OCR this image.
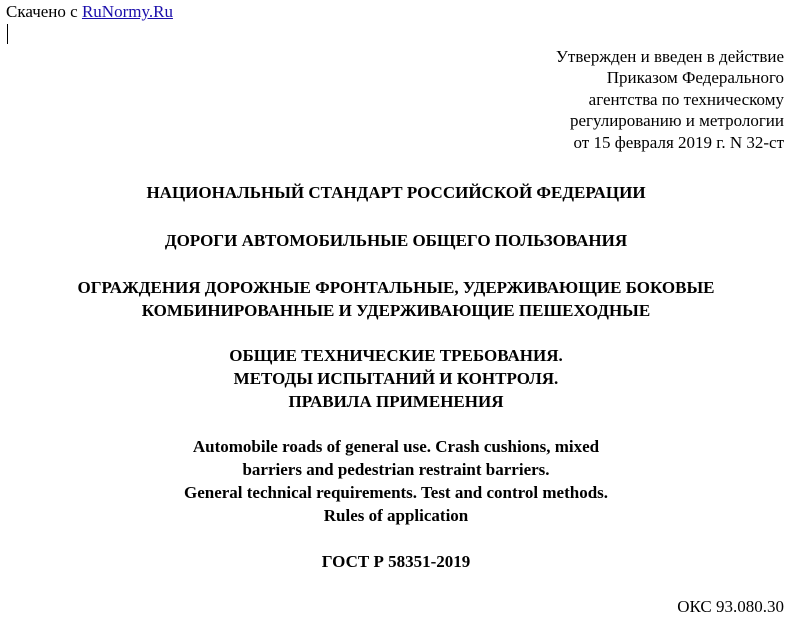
Скачено с RuNormy.Ru
Утвержден и введен в действие
Приказом Федерального
агентства по техническому
регулированию и метрологии
от 15 февраля 2019 г. N 32-ст
НАЦИОНАЛЬНЫЙ СТАНДАРТ РОССИЙСКОЙ ФЕДЕРАЦИИ
ДОРОГИ АВТОМОБИЛЬНЫЕ ОБЩЕГО ПОЛЬЗОВАНИЯ
ОГРАЖДЕНИЯ ДОРОЖНЫЕ ФРОНТАЛЬНЫЕ, УДЕРЖИВАЮЩИЕ БОКОВЫЕ
КОМБИНИРОВАННЫЕ И УДЕРЖИВАЮЩИЕ ПЕШЕХОДНЫЕ
ОБЩИЕ ТЕХНИЧЕСКИЕ ТРЕБОВАНИЯ.
МЕТОДЫ ИСПЫТАНИЙ И КОНТРОЛЯ.
ПРАВИЛА ПРИМЕНЕНИЯ
Automobile roads of general use. Crash cushions, mixed
barriers and pedestrian restraint barriers.
General technical requirements. Test and control methods.
Rules of application
ГОСТ Р 58351-2019
ОКС 93.080.30
